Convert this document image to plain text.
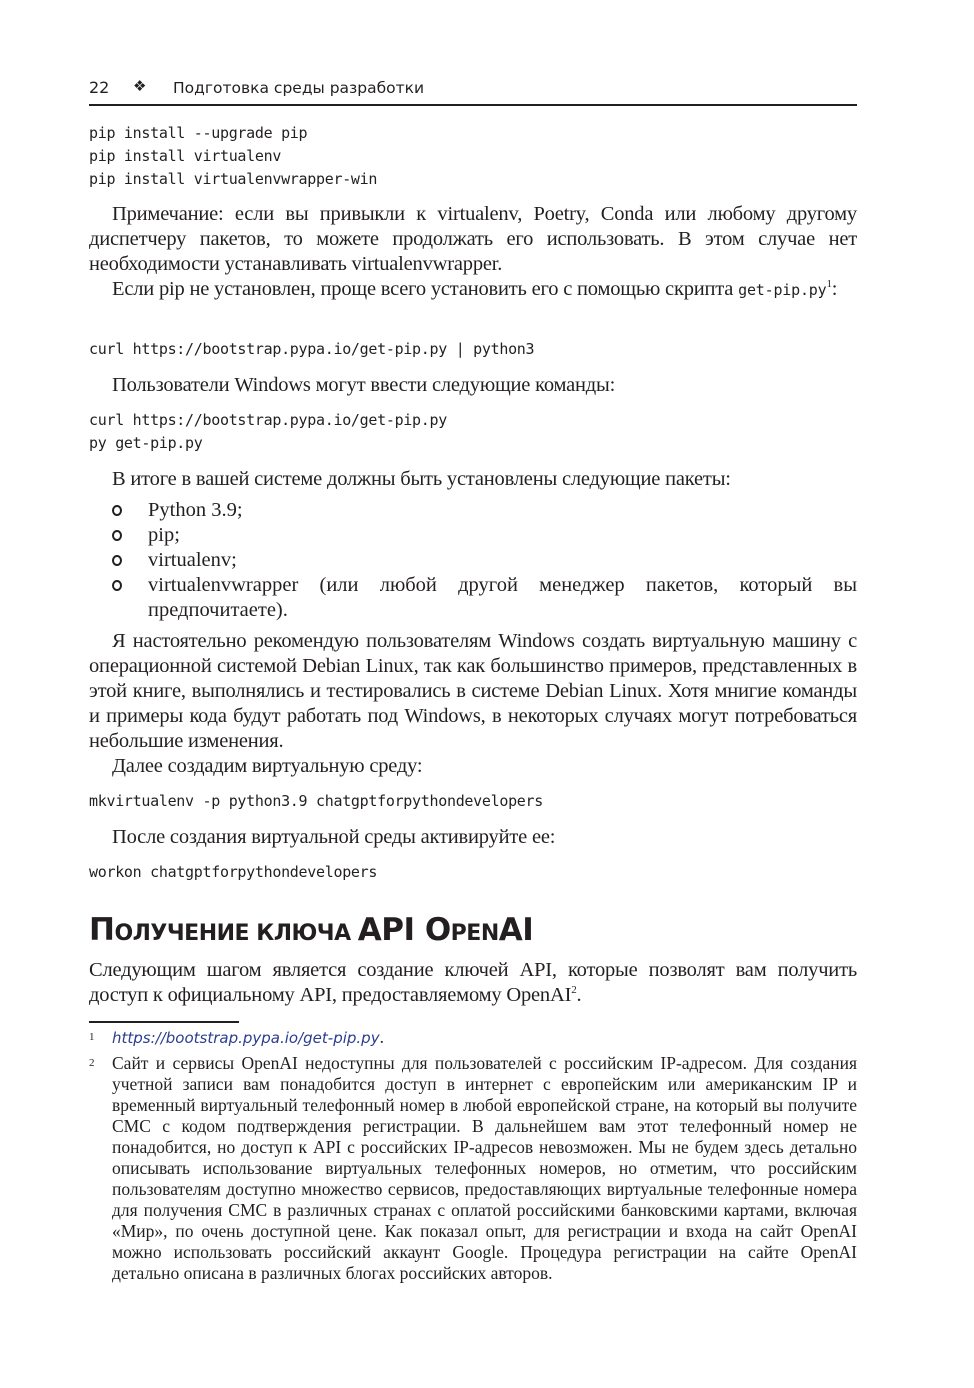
22 ❖ Подготовка среды разработки
pip install --upgrade pip
pip install virtualenv
pip install virtualenvwrapper-win

Примечание: если вы привыкли к virtualenv, Poetry, Conda или любому другому диспетчеру пакетов, то можете продолжать его использовать. В этом случае нет необходимости устанавливать virtualenvwrapper.

Если pip не установлен, проще всего установить его с помощью скрипта get-$pip.py^1$:

curl https://bootstrap.pypa.io/get-pip.py | python3

Пользователи Windows могут ввести следующие команды:

curl https://bootstrap.pypa.io/get-pip.py
py get-pip.py

В итоге в вашей системе должны быть установлены следующие пакеты:

Python 3.9;
pip;
virtualenv;
virtualenvwrapper (или любой другой менеджер пакетов, который вы предпочитаете).

Я настоятельно рекомендую пользователям Windows создать виртуальную машину с операционной системой Debian Linux, так как большинство примеров, представленных в этой книге, выполнялись и тестировались в системе Debian Linux. Хотя мнигие команды и примеры кода будут работать под Windows, в некоторых случаях могут потребоваться небольшие изменения.

Далее создадим виртуальную среду:

mkvirtualenv -p python3.9 chatgptforpythondevelopers

После создания виртуальной среды активируйте ее:

workon chatgptforpythondevelopers
ПОЛУЧЕНИЕ КЛЮЧА API OPENAI

Следующим шагом является создание ключей API, которые позволят вам получить доступ к официальному API, предоставляемому OpenAI$^2$.

1 https://bootstrap.pypa.io/get-pip.py.
2 Сайт и сервисы OpenAI недоступны для пользователей с российским IP-адресом. Для создания учетной записи вам понадобится доступ в интернет с европейским или американским IP и временный виртуальный телефонный номер в любой европейской стране, на который вы получите СМС с кодом подтверждения регистрации. В дальнейшем вам этот телефонный номер не понадобится, но доступ к API с российских IP-адресов невозможен. Мы не будем здесь детально описывать использование виртуальных телефонных номеров, но отметим, что российским пользователям доступно множество сервисов, предоставляющих виртуальные телефонные номера для получения СМС в различных странах с оплатой российскими банковскими картами, включая «Мир», по очень доступной цене. Как показал опыт, для регистрации и входа на сайт OpenAI можно использовать российский аккаунт Google. Процедура регистрации на сайте OpenAI детально описана в различных блогах российских авторов.
